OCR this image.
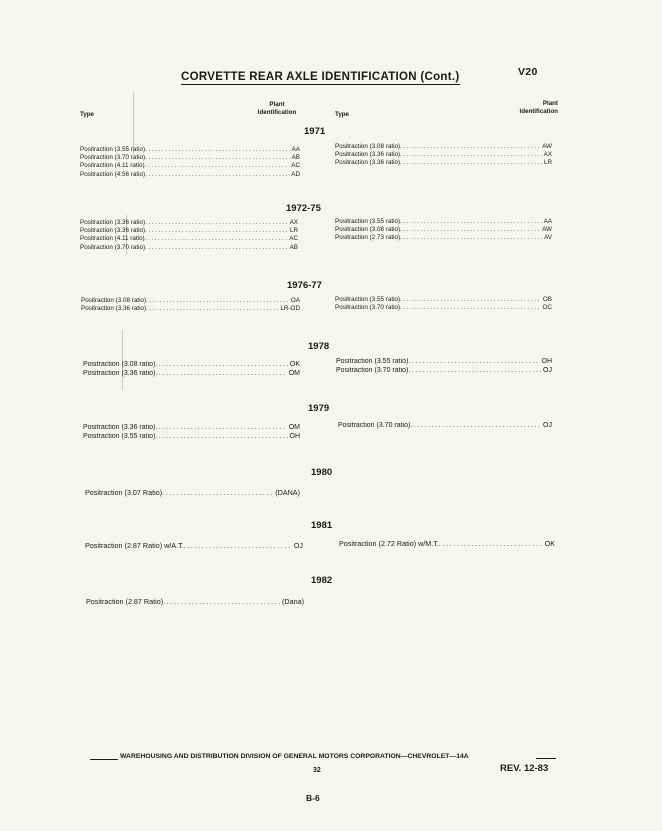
V20
CORVETTE REAR AXLE IDENTIFICATION (Cont.)
Type
Plant
Identification	Type
Plant
Identification
1971
Positraction (3.55 ratio) .....	AA
Positraction (3.70 ratio) .....	AB
Positraction (4.11 ratio) .....	AC
Positraction (4.56 ratio) .....	AD
Positraction (3.08 ratio) .....	AW
Positraction (3.36 ratio) .....	AX
Positraction (3.36 ratio) .....	LR
1972-75
Positraction (3.36 ratio) .....	AX
Positraction (3.36 ratio) .....	LR
Positraction (4.11 ratio) .....	AC
Positraction (3.70 ratio) .....	AB
Positraction (3.55 ratio) .....	AA
Positraction (3.08 ratio) .....	AW
Positraction (2.73 ratio) .....	AV
1976-77
Positraction (3.08 ratio) .....	OA
Positraction (3.36 ratio) .....	LR-OD
Positraction (3.55 ratio) .....	OB
Positraction (3.70 ratio) .....	OC
1978
Positraction (3.08 ratio) .....	OK
Positraction (3.36 ratio) .....	OM
Positraction (3.55 ratio) .....	OH
Positraction (3.70 ratio) .....	OJ
1979
Positraction (3.36 ratio) .....	OM
Positraction (3.55 ratio) .....	OH
Positraction (3.70 ratio) .....	OJ
1980
Positraction (3.07 Ratio) .....	(DANA)
1981
Positraction (2.87 Ratio) w/A.T. .....	OJ	Positraction (2.72 Ratio) w/M.T. .....	OK
1982
Positraction (2.87 Ratio) .....	(Dana)
WAREHOUSING AND DISTRIBUTION DIVISION OF GENERAL MOTORS CORPORATION—CHEVROLET—14A
32	REV. 12-83
B-6
